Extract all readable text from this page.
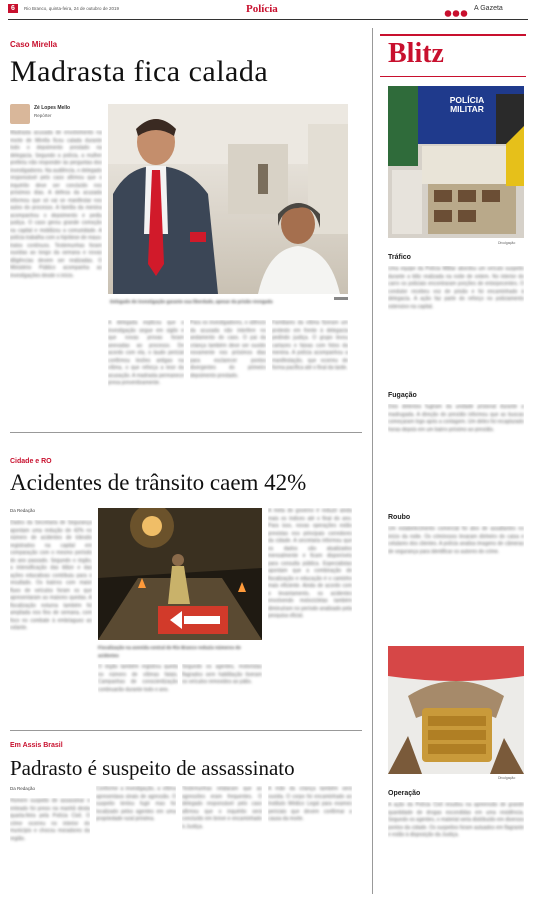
6	Rio Branco, quinta-feira, 24 de outubro de 2019	Polícia	A Gazeta
Caso Mirella
Madrasta fica calada
Zé Lopes Mello
Repórter
Madrasta acusada de envolvimento na morte de Mirella ficou calada durante todo o depoimento prestado na delegacia. Segundo a polícia, a mulher preferiu não responder às perguntas dos investigadores. Na audiência, o delegado responsável pelo caso afirmou que o inquérito deve ser concluído nos próximos dias. A defesa da acusada informou que só vai se manifestar nos autos do processo. A família da menina acompanhou o depoimento e pediu justiça. O caso gerou grande comoção na capital e mobilizou a comunidade. A polícia trabalha com a hipótese de maus-tratos contínuos. Testemunhas foram ouvidas ao longo da semana e novas diligências devem ser realizadas. O Ministério Público acompanha as investigações desde o início.
Delegado de investigação garante sua liberdade, apesar da prisão revogada
A delegada explicou que a investigação segue em sigilo e que novas provas foram anexadas ao processo. De acordo com ela, o laudo pericial confirmou lesões antigas na vítima, o que reforça a tese da acusação. A madrasta permanece presa preventivamente.
Para os investigadores, o silêncio da acusada não interfere no andamento do caso. O pai da criança também deve ser ouvido novamente nos próximos dias para esclarecer pontos divergentes do primeiro depoimento prestado.
Familiares da vítima fizeram um protesto em frente à delegacia pedindo justiça. O grupo levou cartazes e faixas com fotos da menina. A polícia acompanhou a manifestação, que ocorreu de forma pacífica até o final da tarde.
Cidade e RO
Acidentes de trânsito caem 42%
Da Redação
Dados da Secretaria de Segurança apontam uma redução de 42% no número de acidentes de trânsito registrados na capital em comparação com o mesmo período do ano passado. Segundo o órgão, a intensificação das blitze e das ações educativas contribuiu para o resultado. Os bairros com maior fluxo de veículos foram os que apresentaram as maiores quedas. A fiscalização noturna também foi ampliada nos fins de semana, com foco no combate à embriaguez ao volante.
Fiscalização na avenida central de Rio Branco reduziu números de acidentes
O órgão também registrou queda no número de vítimas fatais. Campanhas de conscientização continuarão durante todo o ano.
Segundo os agentes, motoristas flagrados sem habilitação tiveram os veículos removidos ao pátio.
A meta do governo é reduzir ainda mais os índices até o final do ano. Para isso, novas operações estão previstas nos principais corredores da cidade. A secretaria informou que os dados são atualizados mensalmente e ficam disponíveis para consulta pública. Especialistas apontam que a combinação de fiscalização e educação é o caminho mais eficiente. Ainda de acordo com o levantamento, os acidentes envolvendo motocicletas também diminuíram no período analisado pela pesquisa oficial.
Em Assis Brasil
Padrasto é suspeito de assassinato
Da Redação
Homem suspeito de assassinar o enteado foi preso na manhã desta quarta-feira pela Polícia Civil. O crime ocorreu no interior do município e chocou moradores da região.
Conforme a investigação, a vítima apresentava sinais de agressão. O suspeito tentou fugir mas foi localizado pelos agentes em uma propriedade rural próxima.
Testemunhas relataram que as agressões eram frequentes. O delegado responsável pelo caso afirmou que o inquérito será concluído em breve e encaminhado à Justiça.
A mãe da criança também será ouvida. O corpo foi encaminhado ao Instituto Médico Legal para exames periciais que devem confirmar a causa da morte.
Blitz
POLÍCIA MILITAR
Divulgação
Tráfico
Uma equipe da Polícia Militar abordou um veículo suspeito durante a blitz realizada na noite de ontem. No interior do carro os policiais encontraram porções de entorpecentes. O condutor recebeu voz de prisão e foi encaminhado à delegacia. A ação faz parte do reforço no policiamento ostensivo na capital.
Fugação
Dois detentos fugiram da unidade prisional durante a madrugada. A direção do presídio informou que as buscas começaram logo após a contagem. Um deles foi recapturado horas depois em um bairro próximo ao presídio.
Roubo
Um estabelecimento comercial foi alvo de assaltantes no início da noite. Os criminosos levaram dinheiro do caixa e celulares dos clientes. A polícia analisa imagens de câmeras de segurança para identificar os autores do crime.
Divulgação
Operação
A ação da Polícia Civil resultou na apreensão de grande quantidade de drogas escondidas em uma residência. Segundo os agentes, o material seria distribuído em diversos pontos da cidade. Os suspeitos foram autuados em flagrante e estão à disposição da Justiça.
